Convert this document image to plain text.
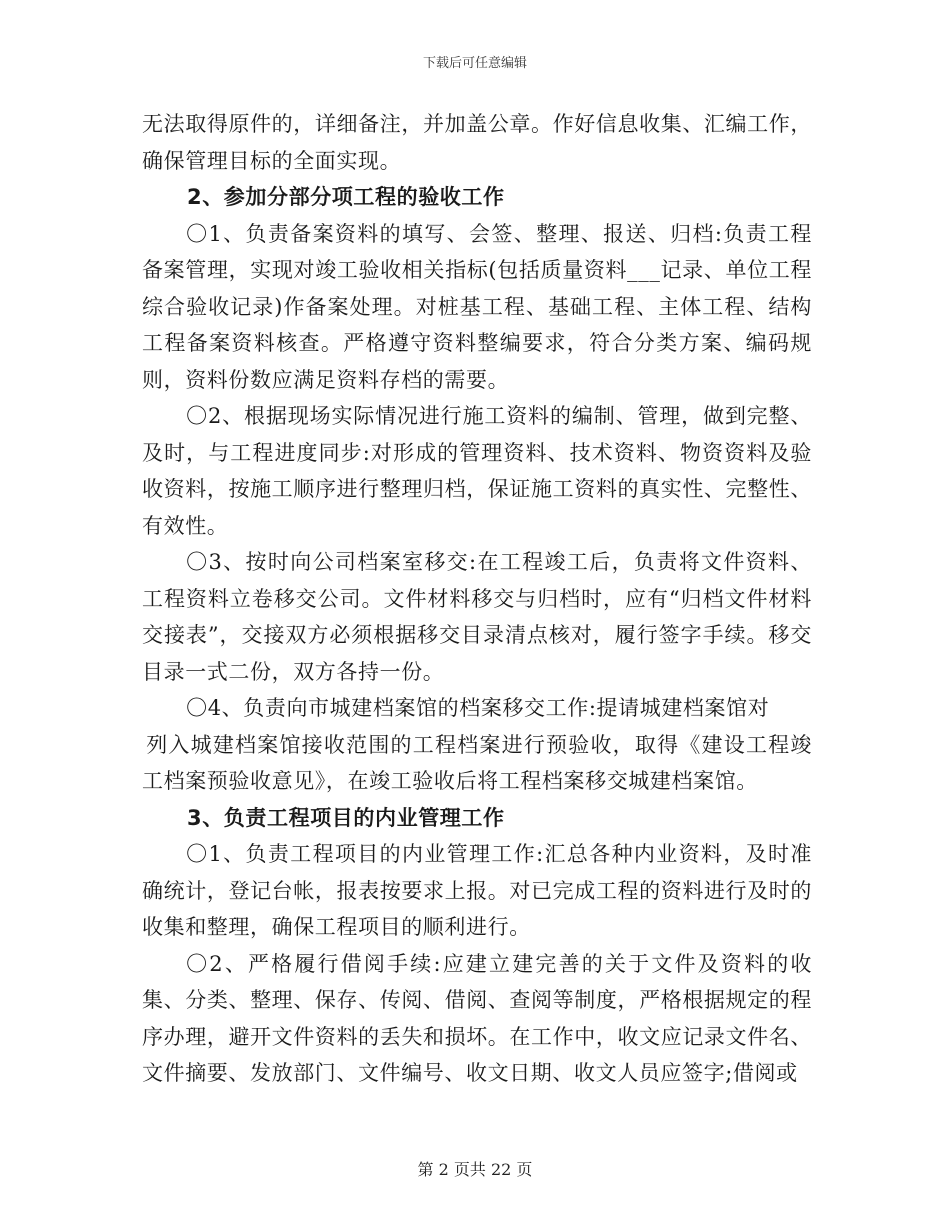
下载后可任意编辑

无法取得原件的，详细备注，并加盖公章。作好信息收集、汇编工作，确保管理目标的全面实现。

2、参加分部分项工程的验收工作

〇1、负责备案资料的填写、会签、整理、报送、归档:负责工程备案管理，实现对竣工验收相关指标(包括质量资料___记录、单位工程综合验收记录)作备案处理。对桩基工程、基础工程、主体工程、结构工程备案资料核查。严格遵守资料整编要求，符合分类方案、编码规则，资料份数应满足资料存档的需要。

〇2、根据现场实际情况进行施工资料的编制、管理，做到完整、及时，与工程进度同步:对形成的管理资料、技术资料、物资资料及验收资料，按施工顺序进行整理归档，保证施工资料的真实性、完整性、有效性。

〇3、按时向公司档案室移交:在工程竣工后，负责将文件资料、工程资料立卷移交公司。文件材料移交与归档时，应有“归档文件材料交接表”，交接双方必须根据移交目录清点核对，履行签字手续。移交目录一式二份，双方各持一份。

〇4、负责向市城建档案馆的档案移交工作:提请城建档案馆对

列入城建档案馆接收范围的工程档案进行预验收，取得《建设工程竣工档案预验收意见》，在竣工验收后将工程档案移交城建档案馆。

3、负责工程项目的内业管理工作

〇1、负责工程项目的内业管理工作:汇总各种内业资料，及时准确统计，登记台帐，报表按要求上报。对已完成工程的资料进行及时的收集和整理，确保工程项目的顺利进行。

〇2、严格履行借阅手续:应建立建完善的关于文件及资料的收集、分类、整理、保存、传阅、借阅、查阅等制度，严格根据规定的程序办理，避开文件资料的丢失和损坏。在工作中，收文应记录文件名、文件摘要、发放部门、文件编号、收文日期、收文人员应签字;借阅或

第 2 页共 22 页
